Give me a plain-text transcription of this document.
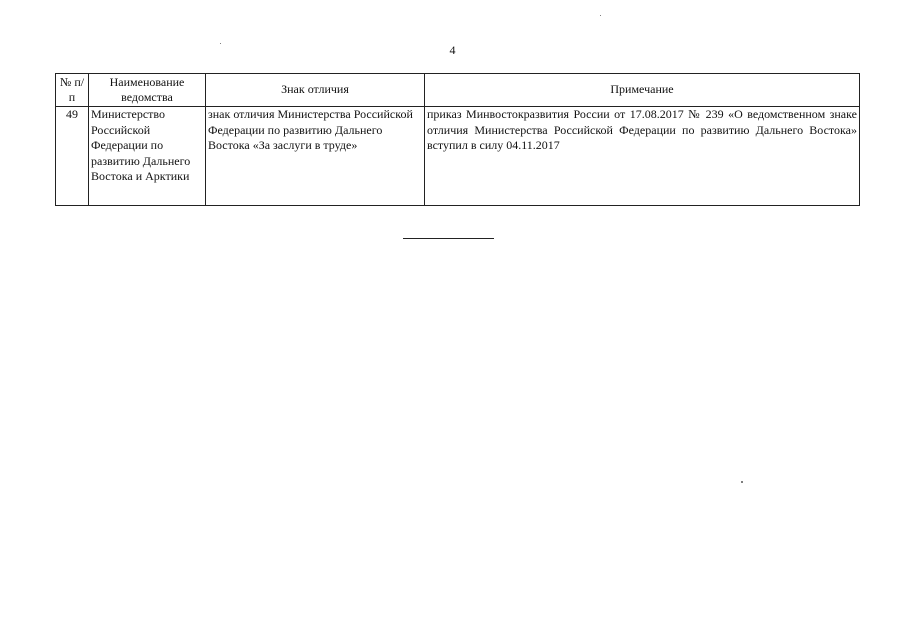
4
№ п/п	Наименование ведомства	Знак отличия	Примечание
49	Министерство Российской Федерации по развитию Дальнего Востока и Арктики	знак отличия Министерства Российской Федерации по развитию Дальнего Востока «За заслуги в труде»	приказ Минвостокразвития России от 17.08.2017 № 239 «О ведомственном знаке отличия Министерства Российской Федерации по развитию Дальнего Востока» вступил в силу 04.11.2017
